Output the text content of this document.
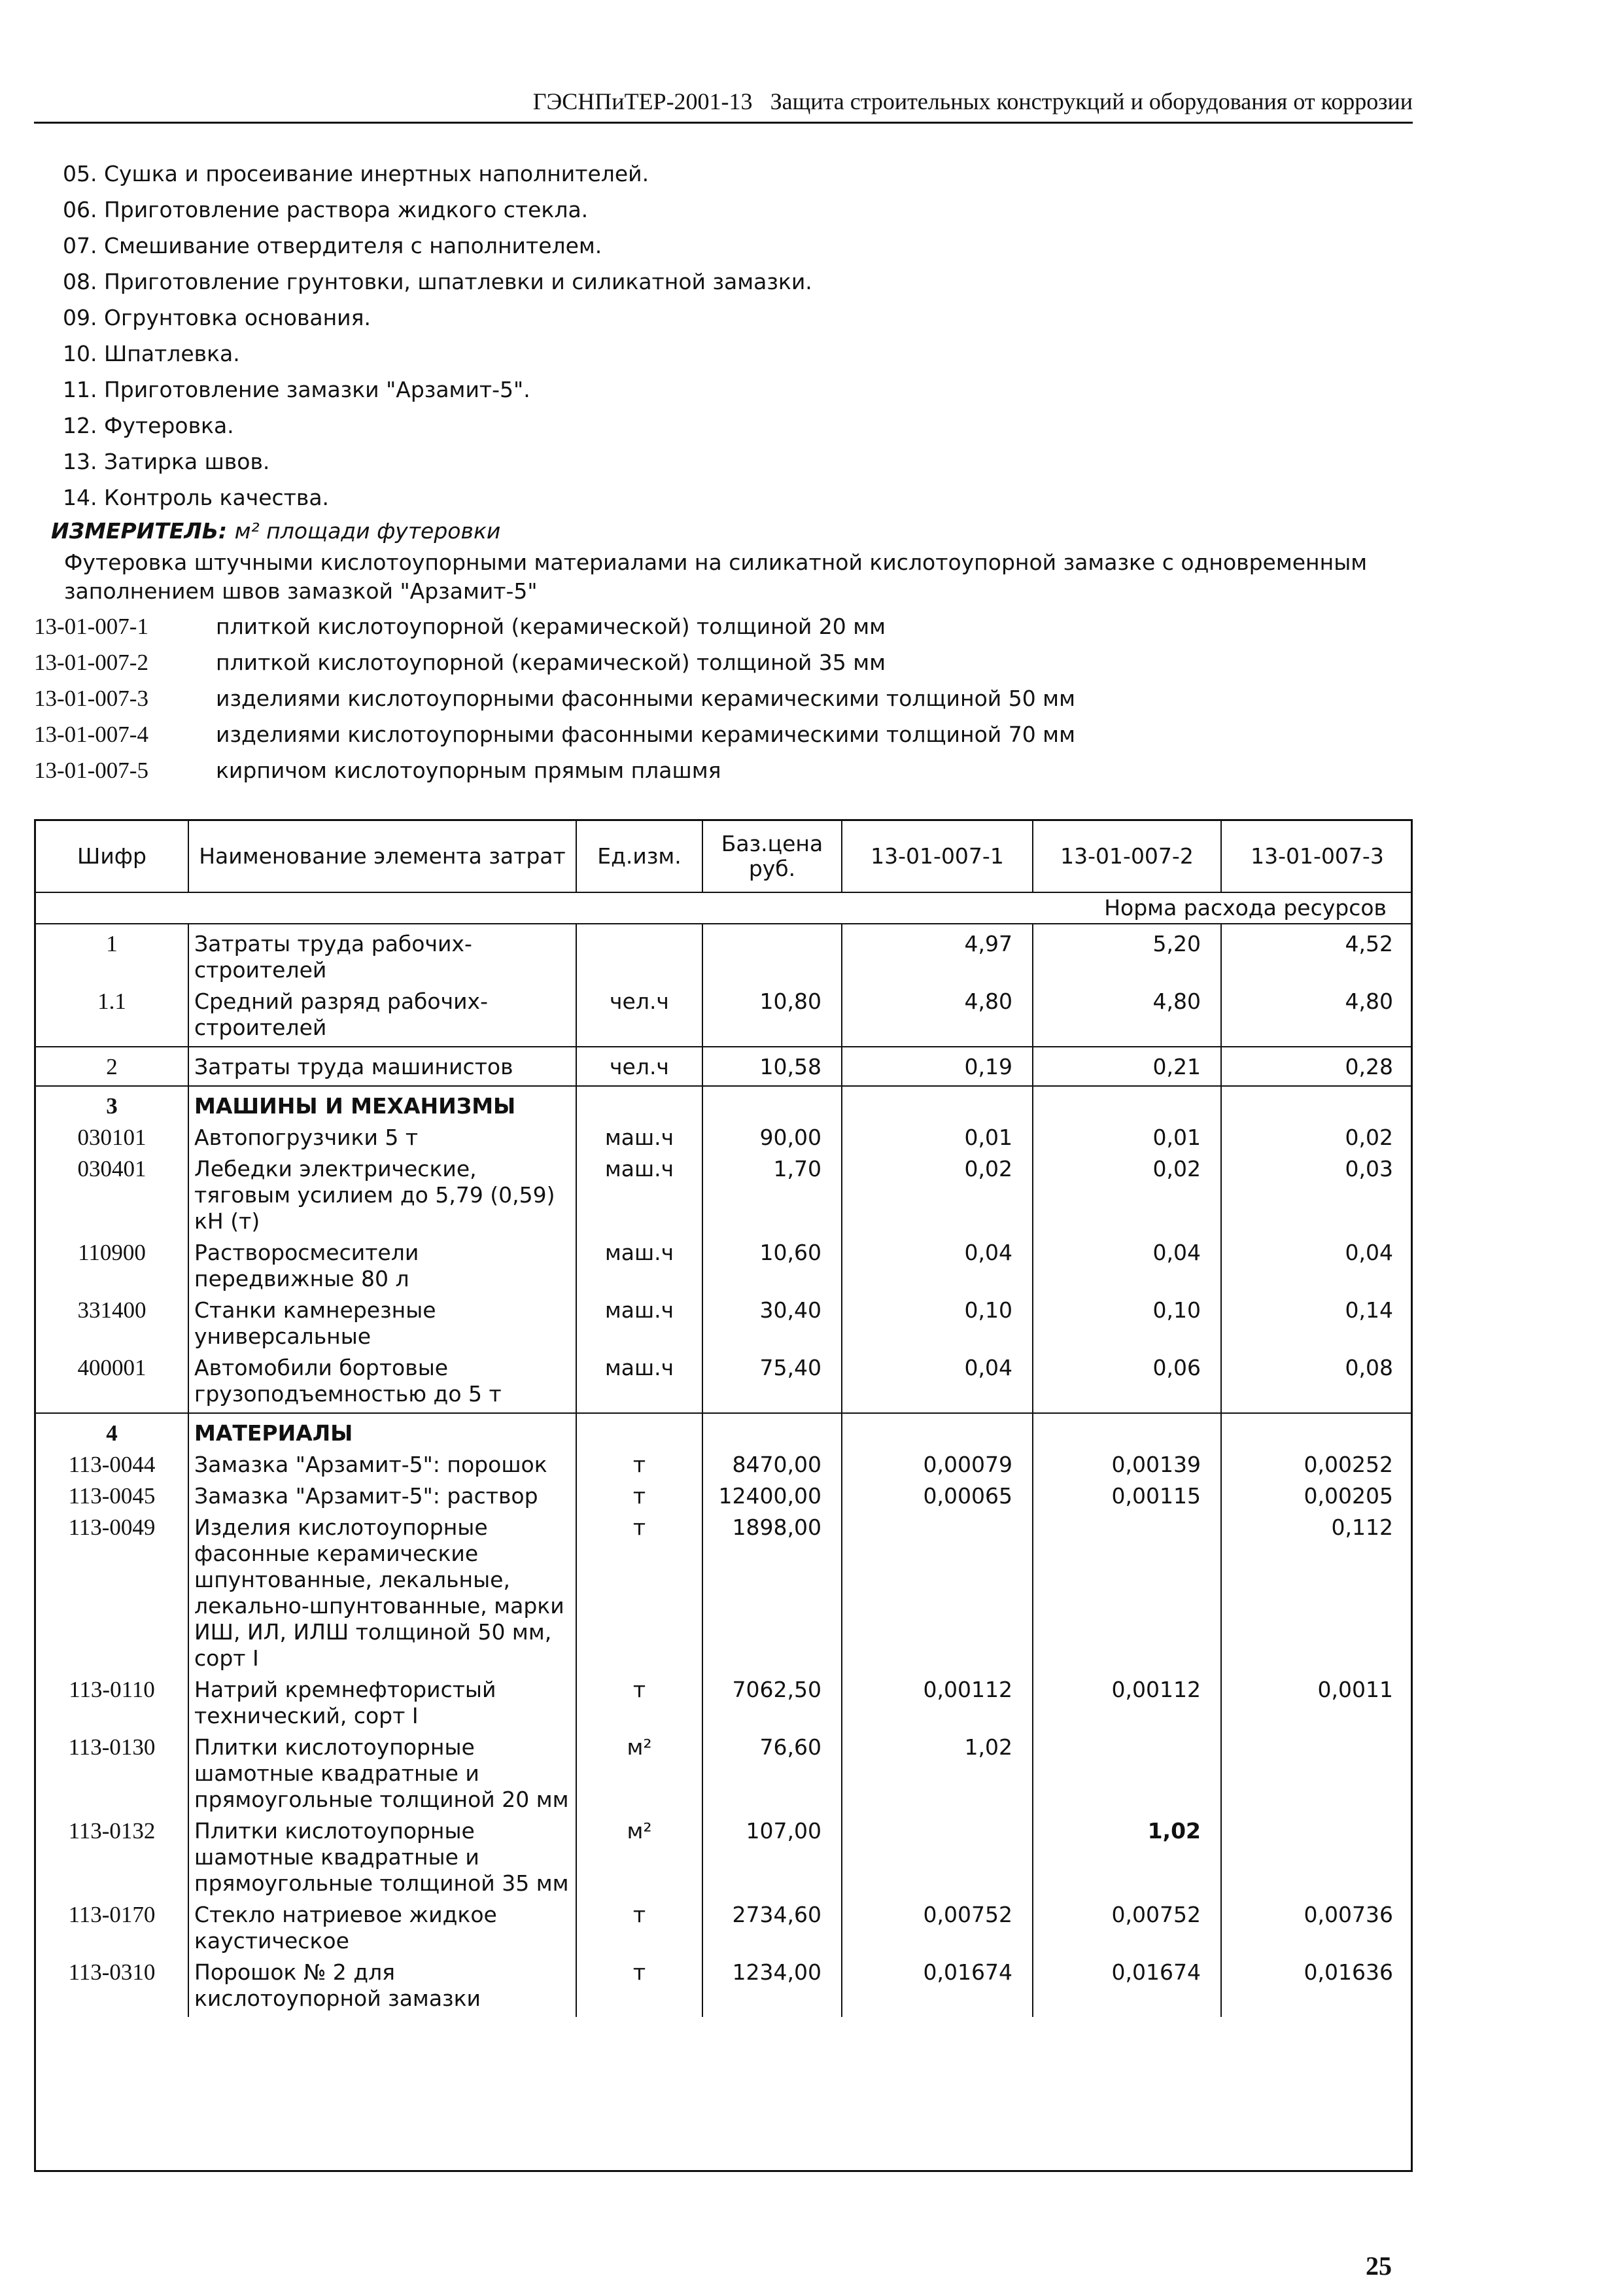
ГЭСНПиТЕР-2001-13 Защита строительных конструкций и оборудования от коррозии
05. Сушка и просеивание инертных наполнителей.
06. Приготовление раствора жидкого стекла.
07. Смешивание отвердителя с наполнителем.
08. Приготовление грунтовки, шпатлевки и силикатной замазки.
09. Огрунтовка основания.
10. Шпатлевка.
11. Приготовление замазки "Арзамит-5".
12. Футеровка.
13. Затирка швов.
14. Контроль качества.
ИЗМЕРИТЕЛЬ: м² площади футеровки
Футеровка штучными кислотоупорными материалами на силикатной кислотоупорной замазке с одновременным заполнением швов замазкой "Арзамит-5"
13-01-007-1	плиткой кислотоупорной (керамической) толщиной 20 мм
13-01-007-2	плиткой кислотоупорной (керамической) толщиной 35 мм
13-01-007-3	изделиями кислотоупорными фасонными керамическими толщиной 50 мм
13-01-007-4	изделиями кислотоупорными фасонными керамическими толщиной 70 мм
13-01-007-5	кирпичом кислотоупорным прямым плашмя
Шифр	Наименование элемента затрат	Ед.изм.	Баз.цена руб.	13-01-007-1	13-01-007-2	13-01-007-3
Норма расхода ресурсов						
1	Затраты труда рабочих-строителей			4,97	5,20	4,52
1.1	Средний разряд рабочих-строителей	чел.ч	10,80	4,80	4,80	4,80
2	Затраты труда машинистов	чел.ч	10,58	0,19	0,21	0,28
3	МАШИНЫ И МЕХАНИЗМЫ					
030101	Автопогрузчики 5 т	маш.ч	90,00	0,01	0,01	0,02
030401	Лебедки электрические, тяговым усилием до 5,79 (0,59) кН (т)	маш.ч	1,70	0,02	0,02	0,03
110900	Растворосмесители передвижные 80 л	маш.ч	10,60	0,04	0,04	0,04
331400	Станки камнерезные универсальные	маш.ч	30,40	0,10	0,10	0,14
400001	Автомобили бортовые грузоподъемностью до 5 т	маш.ч	75,40	0,04	0,06	0,08
4	МАТЕРИАЛЫ					
113-0044	Замазка "Арзамит-5": порошок	т	8470,00	0,00079	0,00139	0,00252
113-0045	Замазка "Арзамит-5": раствор	т	12400,00	0,00065	0,00115	0,00205
113-0049	Изделия кислотоупорные фасонные керамические шпунтованные, лекальные, лекально-шпунтованные, марки ИШ, ИЛ, ИЛШ толщиной 50 мм, сорт I	т	1898,00			0,112
113-0110	Натрий кремнефтористый технический, сорт I	т	7062,50	0,00112	0,00112	0,0011
113-0130	Плитки кислотоупорные шамотные квадратные и прямоугольные толщиной 20 мм	м²	76,60	1,02		
113-0132	Плитки кислотоупорные шамотные квадратные и прямоугольные толщиной 35 мм	м²	107,00		1,02	
113-0170	Стекло натриевое жидкое каустическое	т	2734,60	0,00752	0,00752	0,00736
113-0310	Порошок № 2 для кислотоупорной замазки	т	1234,00	0,01674	0,01674	0,01636
25
